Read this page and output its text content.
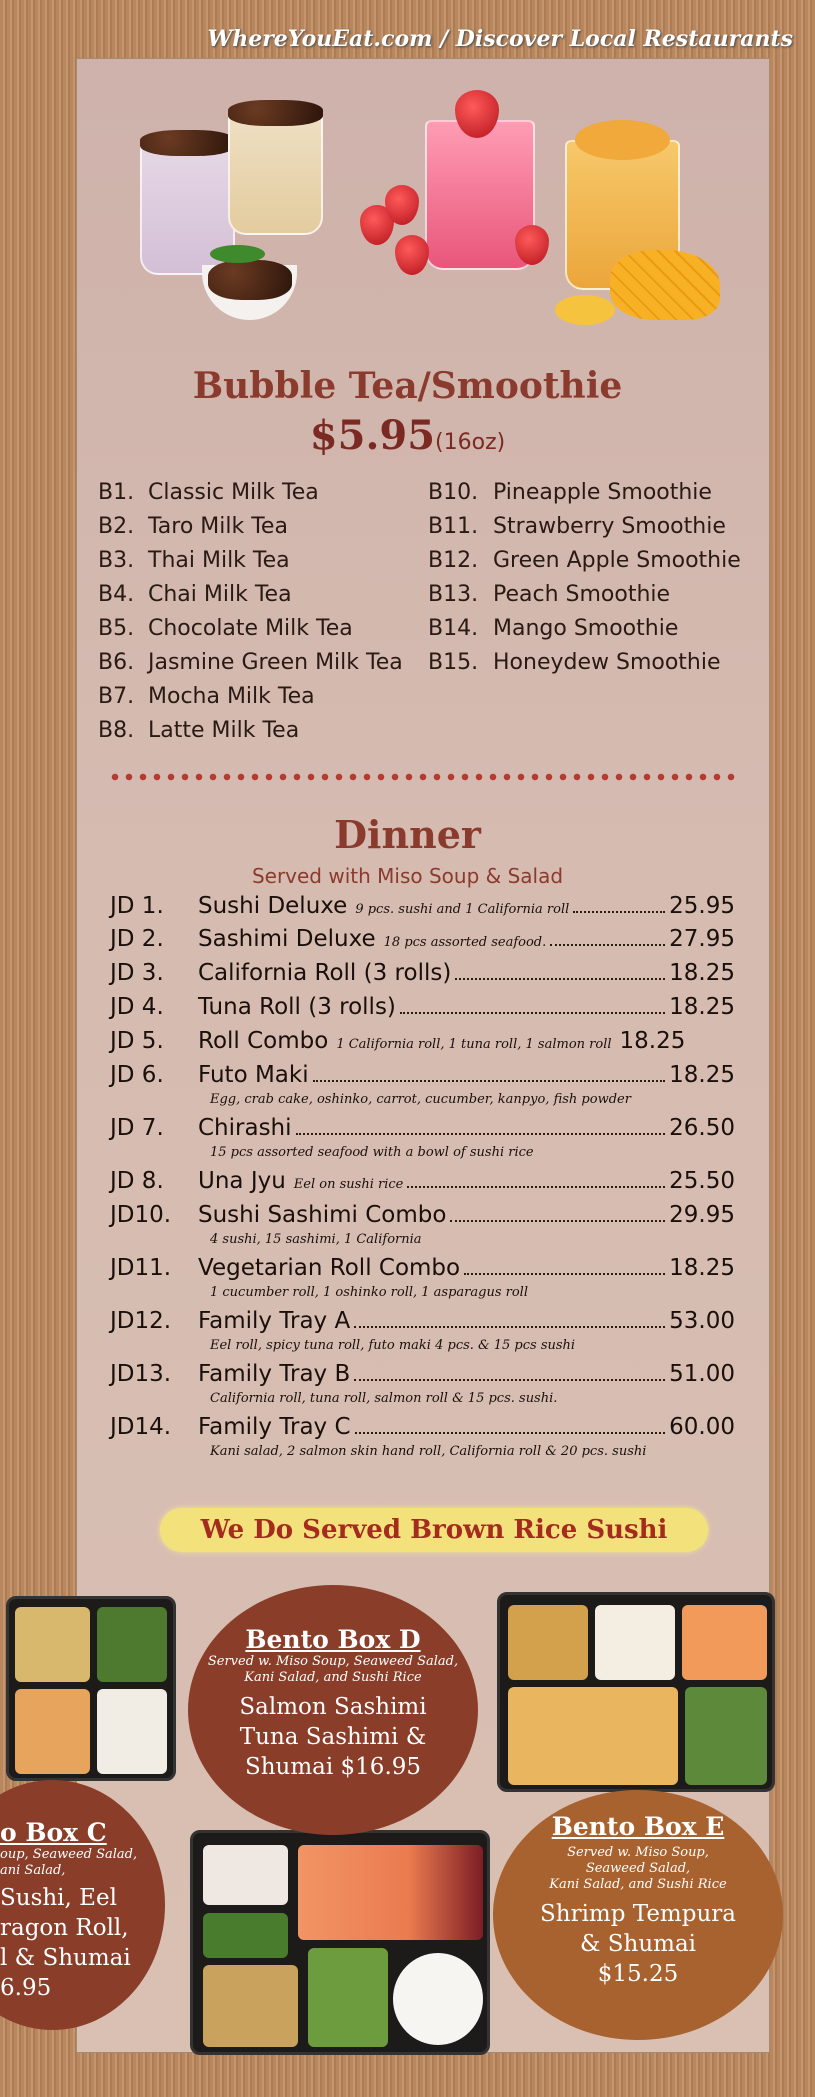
WhereYouEat.com / Discover Local Restaurants
Bubble Tea/Smoothie
$5.95(16oz)
B1. Classic Milk Tea
B2. Taro Milk Tea
B3. Thai Milk Tea
B4. Chai Milk Tea
B5. Chocolate Milk Tea
B6. Jasmine Green Milk Tea
B7. Mocha Milk Tea
B8. Latte Milk Tea
B10. Pineapple Smoothie
B11. Strawberry Smoothie
B12. Green Apple Smoothie
B13. Peach Smoothie
B14. Mango Smoothie
B15. Honeydew Smoothie
Dinner
Served with Miso Soup & Salad
JD 1.	Sushi Deluxe 9 pcs. sushi and 1 California roll	25.95
JD 2.	Sashimi Deluxe 18 pcs assorted seafood.	27.95
JD 3.	California Roll (3 rolls)	18.25
JD 4.	Tuna Roll (3 rolls)	18.25
JD 5.	Roll Combo 1 California roll, 1 tuna roll, 1 salmon roll 18.25
JD 6.	Futo Maki	18.25
Egg, crab cake, oshinko, carrot, cucumber, kanpyo, fish powder
JD 7.	Chirashi	26.50
15 pcs assorted seafood with a bowl of sushi rice
JD 8.	Una Jyu Eel on sushi rice	25.50
JD10.	Sushi Sashimi Combo	29.95
4 sushi, 15 sashimi, 1 California
JD11.	Vegetarian Roll Combo	18.25
1 cucumber roll, 1 oshinko roll, 1 asparagus roll
JD12.	Family Tray A	53.00
Eel roll, spicy tuna roll, futo maki 4 pcs. & 15 pcs sushi
JD13.	Family Tray B	51.00
California roll, tuna roll, salmon roll & 15 pcs. sushi.
JD14.	Family Tray C	60.00
Kani salad, 2 salmon skin hand roll, California roll & 20 pcs. sushi
We Do Served Brown Rice Sushi
o Box C
oup, Seaweed Salad,
ani Salad,
Sushi, Eel
ragon Roll,
l & Shumai
6.95
Bento Box D
Served w. Miso Soup, Seaweed Salad,
Kani Salad, and Sushi Rice
Salmon Sashimi
Tuna Sashimi &
Shumai $16.95
Bento Box E
Served w. Miso Soup,
Seaweed Salad,
Kani Salad, and Sushi Rice
Shrimp Tempura
& Shumai
$15.25
